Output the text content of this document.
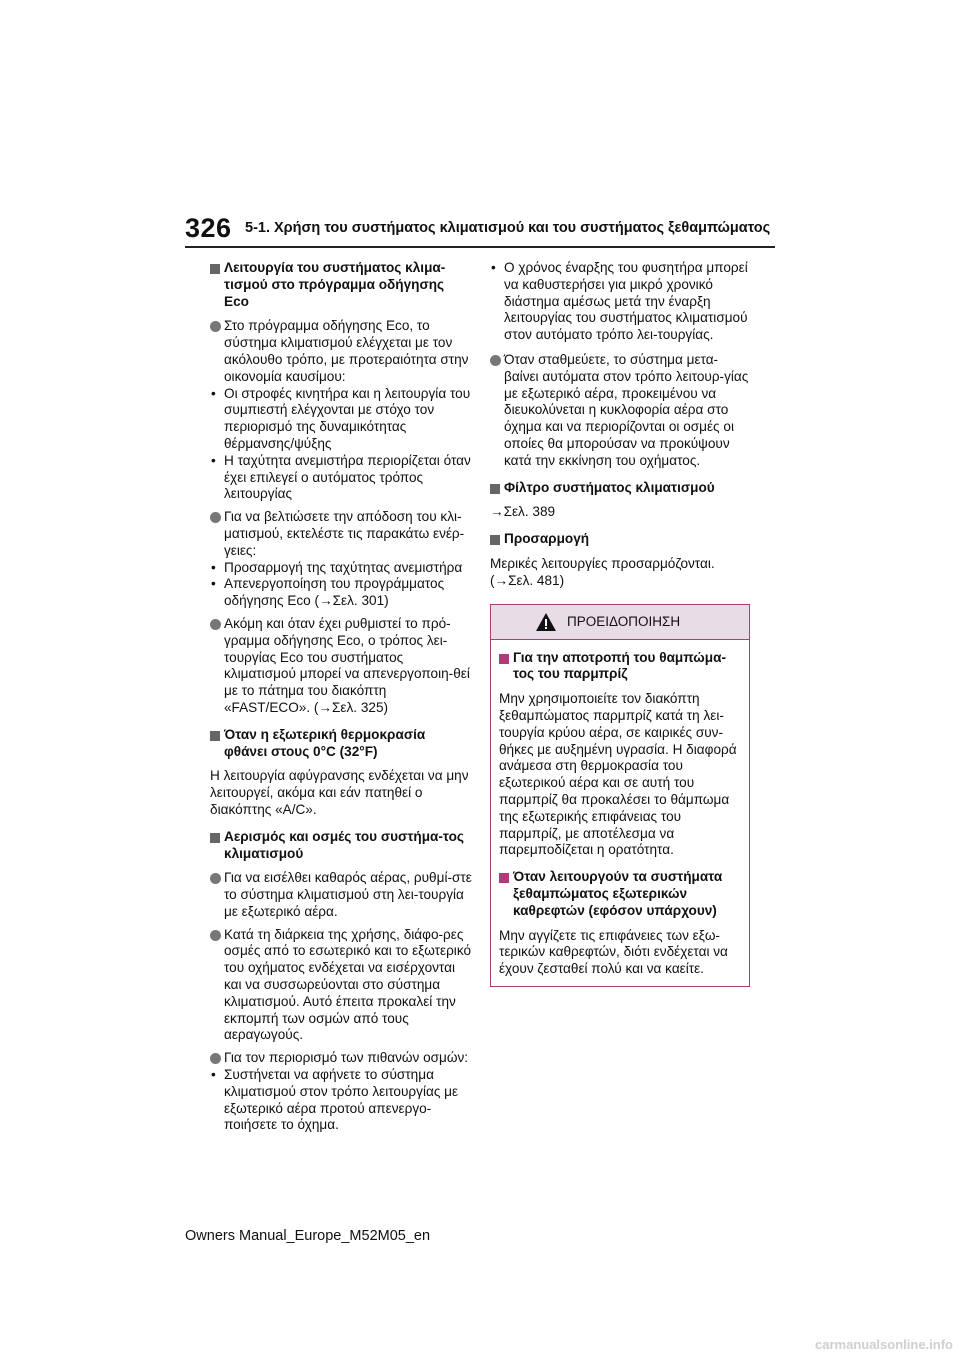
326 5-1. Χρήση του συστήματος κλιματισμού και του συστήματος ξεθαμπώματος
Λειτουργία του συστήματος κλιμα-τισμού στο πρόγραμμα οδήγησης Eco
Στο πρόγραμμα οδήγησης Eco, το σύστημα κλιματισμού ελέγχεται με τον ακόλουθο τρόπο, με προτεραιότητα στην οικονομία καυσίμου:
• Οι στροφές κινητήρα και η λειτουργία του συμπιεστή ελέγχονται με στόχο τον περιορισμό της δυναμικότητας θέρμανσης/ψύξης
• Η ταχύτητα ανεμιστήρα περιορίζεται όταν έχει επιλεγεί ο αυτόματος τρόπος λειτουργίας
Για να βελτιώσετε την απόδοση του κλι-ματισμού, εκτελέστε τις παρακάτω ενέρ-γειες:
• Προσαρμογή της ταχύτητας ανεμιστήρα
• Απενεργοποίηση του προγράμματος οδήγησης Eco (→Σελ. 301)
Ακόμη και όταν έχει ρυθμιστεί το πρό-γραμμα οδήγησης Eco, ο τρόπος λει-τουργίας Eco του συστήματος κλιματισμού μπορεί να απενεργοποιη-θεί με το πάτημα του διακόπτη «FAST/ECO». (→Σελ. 325)
Όταν η εξωτερική θερμοκρασία φθάνει στους 0°C (32°F)
Η λειτουργία αφύγρανσης ενδέχεται να μην λειτουργεί, ακόμα και εάν πατηθεί ο διακόπτης «A/C».
Αερισμός και οσμές του συστήμα-τος κλιματισμού
Για να εισέλθει καθαρός αέρας, ρυθμί-στε το σύστημα κλιματισμού στη λει-τουργία με εξωτερικό αέρα.
Κατά τη διάρκεια της χρήσης, διάφο-ρες οσμές από το εσωτερικό και το εξωτερικό του οχήματος ενδέχεται να εισέρχονται και να συσσωρεύονται στο σύστημα κλιματισμού. Αυτό έπειτα προκαλεί την εκπομπή των οσμών από τους αεραγωγούς.
Για τον περιορισμό των πιθανών οσμών:
• Συστήνεται να αφήνετε το σύστημα κλιματισμού στον τρόπο λειτουργίας με εξωτερικό αέρα προτού απενεργο-ποιήσετε το όχημα.
• Ο χρόνος έναρξης του φυσητήρα μπορεί να καθυστερήσει για μικρό χρονικό διάστημα αμέσως μετά την έναρξη λειτουργίας του συστήματος κλιματισμού στον αυτόματο τρόπο λει-τουργίας.
Όταν σταθμεύετε, το σύστημα μετα-βαίνει αυτόματα στον τρόπο λειτουρ-γίας με εξωτερικό αέρα, προκειμένου να διευκολύνεται η κυκλοφορία αέρα στο όχημα και να περιορίζονται οι οσμές οι οποίες θα μπορούσαν να προκύψουν κατά την εκκίνηση του οχήματος.
Φίλτρο συστήματος κλιματισμού
→Σελ. 389
Προσαρμογή
Μερικές λειτουργίες προσαρμόζονται. (→Σελ. 481)
ΠΡΟΕΙΔΟΠΟΙΗΣΗ
Για την αποτροπή του θαμπώμα-τος του παρμπρίζ
Μην χρησιμοποιείτε τον διακόπτη ξεθαμπώματος παρμπρίζ κατά τη λει-τουργία κρύου αέρα, σε καιρικές συν-θήκες με αυξημένη υγρασία. Η διαφορά ανάμεσα στη θερμοκρασία του εξωτερικού αέρα και σε αυτή του παρμπρίζ θα προκαλέσει το θάμπωμα της εξωτερικής επιφάνειας του παρμπρίζ, με αποτέλεσμα να παρεμποδίζεται η ορατότητα.
Όταν λειτουργούν τα συστήματα ξεθαμπώματος εξωτερικών καθρεφτών (εφόσον υπάρχουν)
Μην αγγίζετε τις επιφάνειες των εξω-τερικών καθρεφτών, διότι ενδέχεται να έχουν ζεσταθεί πολύ και να καείτε.
Owners Manual_Europe_M52M05_en
carmanualsonline.info
